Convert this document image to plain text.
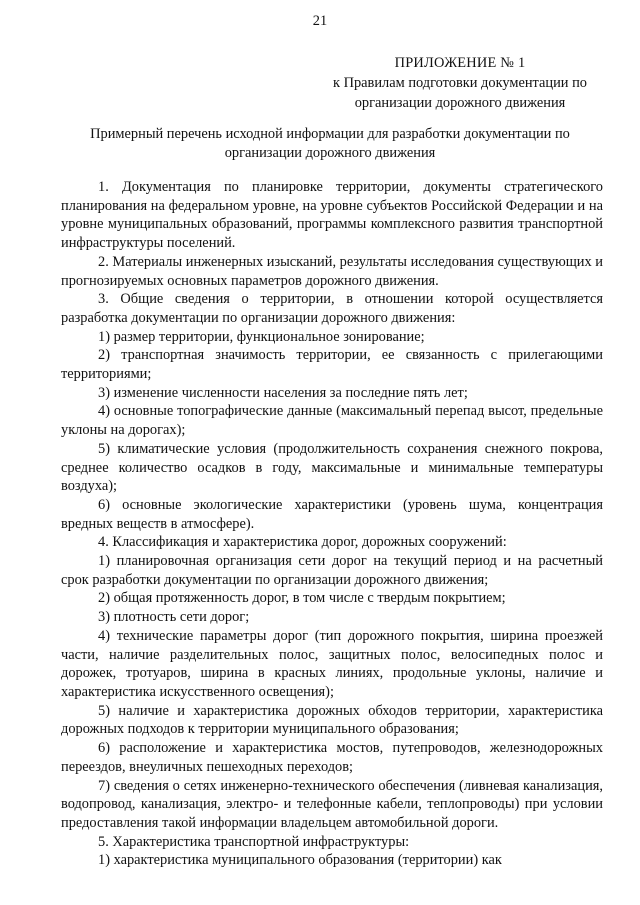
21
ПРИЛОЖЕНИЕ № 1
к Правилам подготовки документации по
организации дорожного движения
Примерный перечень исходной информации для разработки документации по
организации дорожного движения

1. Документация по планировке территории, документы стратегического планирования на федеральном уровне, на уровне субъектов Российской Федерации и на уровне муниципальных образований, программы комплексного развития транспортной инфраструктуры поселений.

2. Материалы инженерных изысканий, результаты исследования существующих и прогнозируемых основных параметров дорожного движения.

3. Общие сведения о территории, в отношении которой осуществляется разработка документации по организации дорожного движения:

1) размер территории, функциональное зонирование;

2) транспортная значимость территории, ее связанность с прилегающими территориями;

3) изменение численности населения за последние пять лет;

4) основные топографические данные (максимальный перепад высот, предельные уклоны на дорогах);

5) климатические условия (продолжительность сохранения снежного покрова, среднее количество осадков в году, максимальные и минимальные температуры воздуха);

6) основные экологические характеристики (уровень шума, концентрация вредных веществ в атмосфере).

4. Классификация и характеристика дорог, дорожных сооружений:

1) планировочная организация сети дорог на текущий период и на расчетный срок разработки документации по организации дорожного движения;

2) общая протяженность дорог, в том числе с твердым покрытием;

3) плотность сети дорог;

4) технические параметры дорог (тип дорожного покрытия, ширина проезжей части, наличие разделительных полос, защитных полос, велосипедных полос и дорожек, тротуаров, ширина в красных линиях, продольные уклоны, наличие и характеристика искусственного освещения);

5) наличие и характеристика дорожных обходов территории, характеристика дорожных подходов к территории муниципального образования;

6) расположение и характеристика мостов, путепроводов, железнодорожных переездов, внеуличных пешеходных переходов;

7) сведения о сетях инженерно-технического обеспечения (ливневая канализация, водопровод, канализация, электро- и телефонные кабели, теплопроводы) при условии предоставления такой информации владельцем автомобильной дороги.

5. Характеристика транспортной инфраструктуры:

1) характеристика муниципального образования (территории) как
